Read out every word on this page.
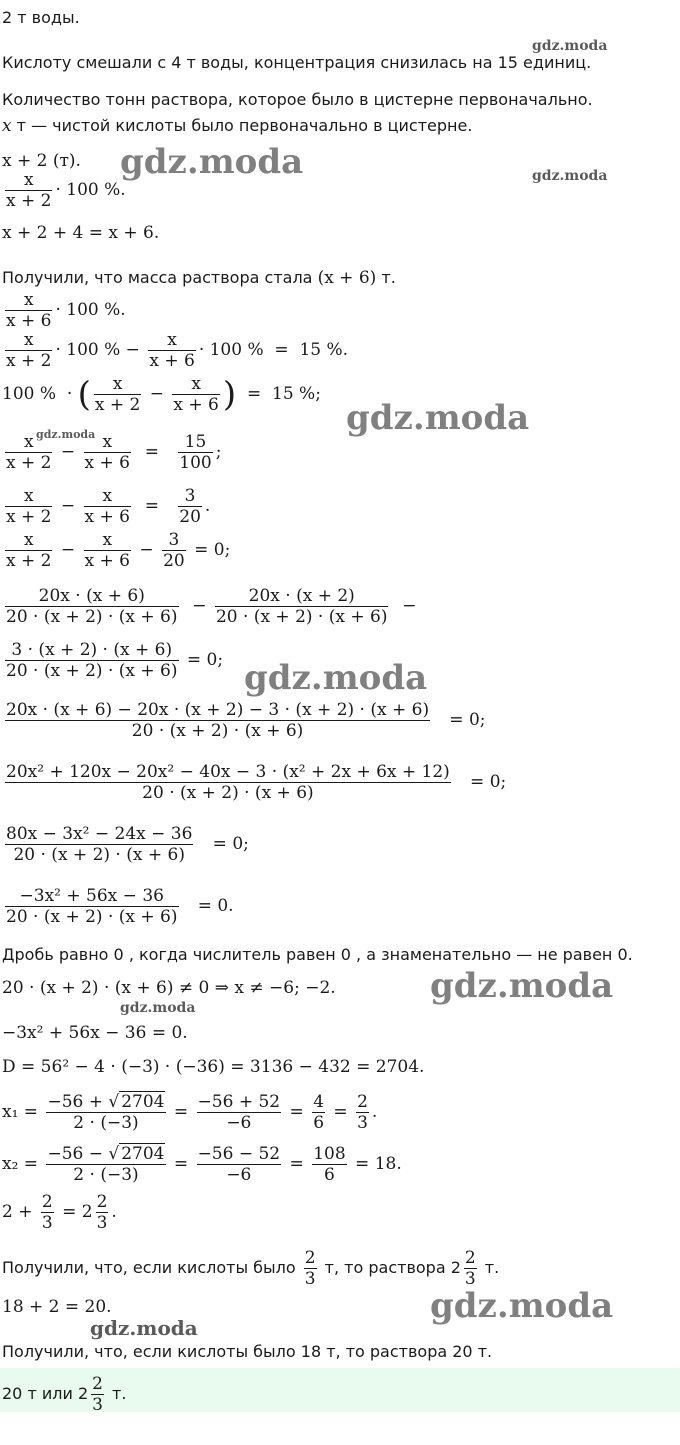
2 т воды.
Кислоту смешали с 4 т воды, концентрация снизилась на 15 единиц.
Количество тонн раствора, которое было в цистерне первоначально.
x т — чистой кислоты было первоначально в цистерне.
x + 2 (т).
$\frac{x}{x + 2} \cdot 100$ %.
x + 2 + 4 = x + 6.
Получили, что масса раствора стала (x + 6) т.
$\frac{x}{x + 6} \cdot 100$ %.
$\frac{x}{x + 2} \cdot 100$ % − $\frac{x}{x + 6} \cdot 100$ %  =  15 %.
100 %  · ( $\frac{x}{x + 2} - \frac{x}{x + 6}$ )  =  15 %;
$\frac{x}{x + 2} - \frac{x}{x + 6} = \frac{15}{100}$ ;
$\frac{x}{x + 2} - \frac{x}{x + 6} = \frac{3}{20}$ .
$\frac{x}{x + 2} - \frac{x}{x + 6} - \frac{3}{20} = 0$;
$\frac{20x \cdot (x + 6)}{20 \cdot (x + 2) \cdot (x + 6)} - \frac{20x \cdot (x + 2)}{20 \cdot (x + 2) \cdot (x + 6)}$ −
$\frac{3 \cdot (x + 2) \cdot (x + 6)}{20 \cdot (x + 2) \cdot (x + 6)} = 0$;
$\frac{20x \cdot (x + 6) - 20x \cdot (x + 2) - 3 \cdot (x + 2) \cdot (x + 6)}{20 \cdot (x + 2) \cdot (x + 6)} = 0$;
$\frac{\text{20x² + 120x − 20x² − 40x − 3 · (x² + 2x + 6x + 12)}}{20 \cdot (x + 2) \cdot (x + 6)} = 0$;
$\frac{\text{80x − 3x² − 24x − 36}}{20 \cdot (x + 2) \cdot (x + 6)} = 0$;
$\frac{\text{−3x² + 56x − 36}}{20 \cdot (x + 2) \cdot (x + 6)} = 0$.
Дробь равно 0 , когда числитель равен 0 , а знаменательно — не равен 0.
20 · (x + 2) · (x + 6) ≠ 0 ⇒ x ≠ −6; −2.
−3x² + 56x − 36 = 0.
D = 56² − 4 · (−3) · (−36) = 3136 − 432 = 2704.
$x_1 = \frac{-56 + √ 2704}{2 \cdot (-3)} = \frac{-56 + 52}{-6} = \frac{4}{6} = \frac{2}{3}$ .
$x_2 = \frac{-56 - √ 2704}{2 \cdot (-3)} = \frac{-56 - 52}{-6} = \frac{108}{6} = 18$.
$2 + \frac{2}{3} = 2 \frac{2}{3}$ .
Получили, что, если кислоты было $\frac{2}{3} т$, то раствора $2 \frac{2}{3} т$.
18 + 2 = 20.
Получили, что, если кислоты было 18 т, то раствора 20 т.
20 т или $2 \frac{2}{3} т$.
gdz.moda
gdz.moda	gdz.moda
gdz.moda
gdz.moda
gdz.moda
gdz.moda
gdz.moda
gdz.moda
gdz.moda
